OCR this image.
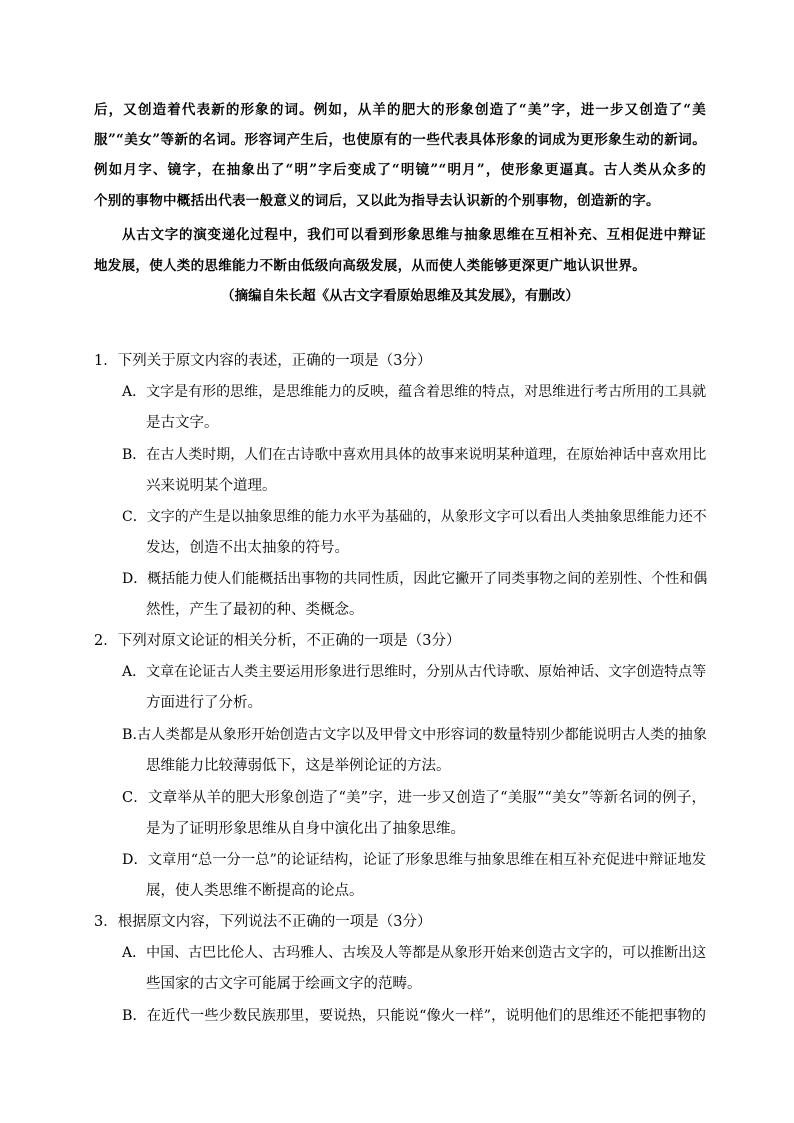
后，又创造着代表新的形象的词。例如，从羊的肥大的形象创造了“美”字，进一步又创造了“美
服”“美女”等新的名词。形容词产生后，也使原有的一些代表具体形象的词成为更形象生动的新词。
例如月字、镜字，在抽象出了“明”字后变成了“明镜”“明月”，使形象更逼真。古人类从众多的
个别的事物中概括出代表一般意义的词后，又以此为指导去认识新的个别事物，创造新的字。
从古文字的演变递化过程中，我们可以看到形象思维与抽象思维在互相补充、互相促进中辩证
地发展，使人类的思维能力不断由低级向高级发展，从而使人类能够更深更广地认识世界。
（摘编自朱长超《从古文字看原始思维及其发展》，有删改）
1．下列关于原文内容的表述，正确的一项是（3分）
A．文字是有形的思维，是思维能力的反映，蕴含着思维的特点，对思维进行考古所用的工具就
是古文字。
B．在古人类时期，人们在古诗歌中喜欢用具体的故事来说明某种道理，在原始神话中喜欢用比
兴来说明某个道理。
C．文字的产生是以抽象思维的能力水平为基础的，从象形文字可以看出人类抽象思维能力还不
发达，创造不出太抽象的符号。
D．概括能力使人们能概括出事物的共同性质，因此它撇开了同类事物之间的差别性、个性和偶
然性，产生了最初的种、类概念。
2．下列对原文论证的相关分析，不正确的一项是（3分）
A．文章在论证古人类主要运用形象进行思维时，分别从古代诗歌、原始神话、文字创造特点等
方面进行了分析。
B.古人类都是从象形开始创造古文字以及甲骨文中形容词的数量特别少都能说明古人类的抽象
思维能力比较薄弱低下，这是举例论证的方法。
C．文章举从羊的肥大形象创造了“美”字，进一步又创造了“美服”“美女”等新名词的例子，
是为了证明形象思维从自身中演化出了抽象思维。
D．文章用“总一分一总”的论证结构，论证了形象思维与抽象思维在相互补充促进中辩证地发
展，使人类思维不断提高的论点。
3．根据原文内容，下列说法不正确的一项是（3分）
A．中国、古巴比伦人、古玛雅人、古埃及人等都是从象形开始来创造古文字的，可以推断出这
些国家的古文字可能属于绘画文字的范畴。
B．在近代一些少数民族那里，要说热，只能说“像火一样”，说明他们的思维还不能把事物的
